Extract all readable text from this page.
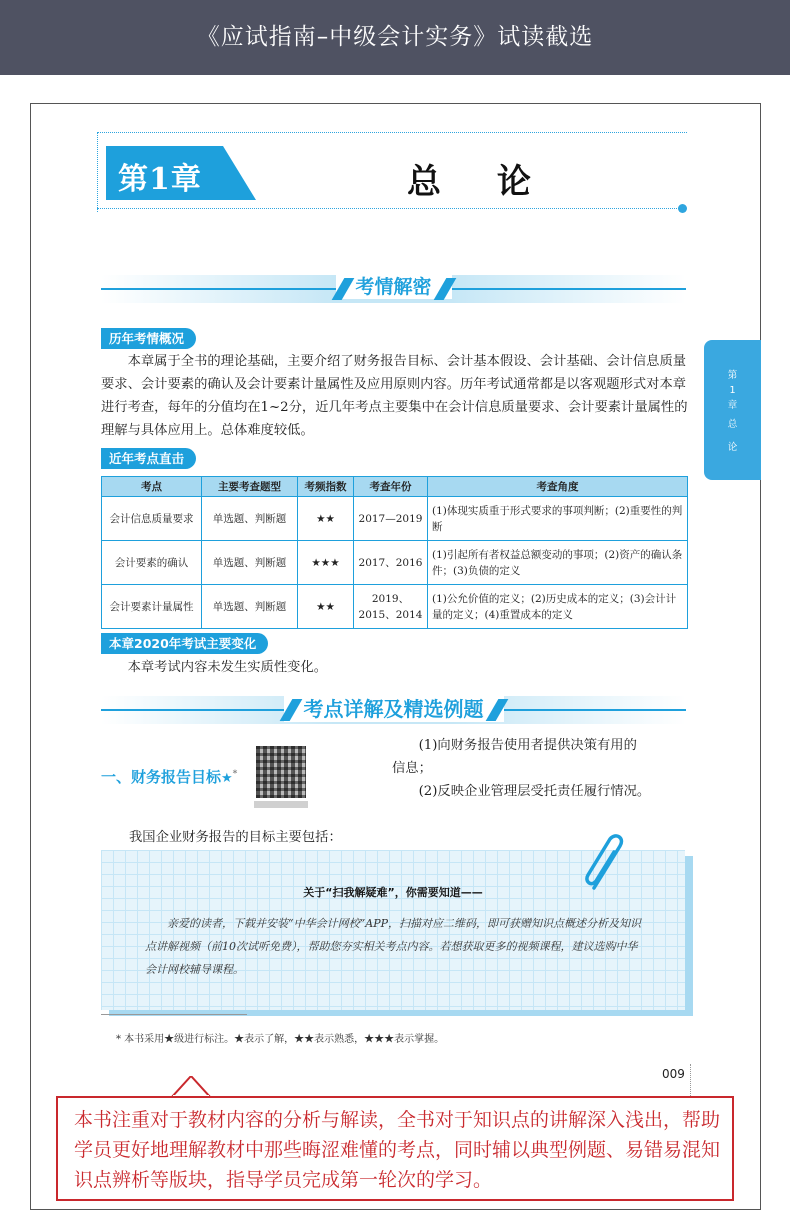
《应试指南–中级会计实务》试读截选
第1章	总 论
第
1
章
总
论
考情解密
历年考情概况
本章属于全书的理论基础，主要介绍了财务报告目标、会计基本假设、会计基础、会计信息质量要求、会计要素的确认及会计要素计量属性及应用原则内容。历年考试通常都是以客观题形式对本章进行考查，每年的分值均在1~2分，近几年考点主要集中在会计信息质量要求、会计要素计量属性的理解与具体应用上。总体难度较低。
近年考点直击
考点	主要考查题型	考频指数	考查年份	考查角度
会计信息质量要求	单选题、判断题	★★	2017—2019	(1)体现实质重于形式要求的事项判断；(2)重要性的判断
会计要素的确认	单选题、判断题	★★★	2017、2016	(1)引起所有者权益总额变动的事项；(2)资产的确认条件；(3)负债的定义
会计要素计量属性	单选题、判断题	★★	2019、2015、2014	(1)公允价值的定义；(2)历史成本的定义；(3)会计计量的定义；(4)重置成本的定义
本章2020年考试主要变化
本章考试内容未发生实质性变化。
考点详解及精选例题
一、财务报告目标★*

(1)向财务报告使用者提供决策有用的

信息；

(2)反映企业管理层受托责任履行情况。

我国企业财务报告的目标主要包括：
关于“扫我解疑难”，你需要知道——
亲爱的读者，下载并安装“中华会计网校”APP，扫描对应二维码，即可获赠知识点概述分析及知识点讲解视频（前10次试听免费），帮助您夯实相关考点内容。若想获取更多的视频课程，建议选购中华会计网校辅导课程。
* 本书采用★级进行标注。★表示了解，★★表示熟悉，★★★表示掌握。
009
本书注重对于教材内容的分析与解读，全书对于知识点的讲解深入浅出，帮助学员更好地理解教材中那些晦涩难懂的考点，同时辅以典型例题、易错易混知识点辨析等版块，指导学员完成第一轮次的学习。
